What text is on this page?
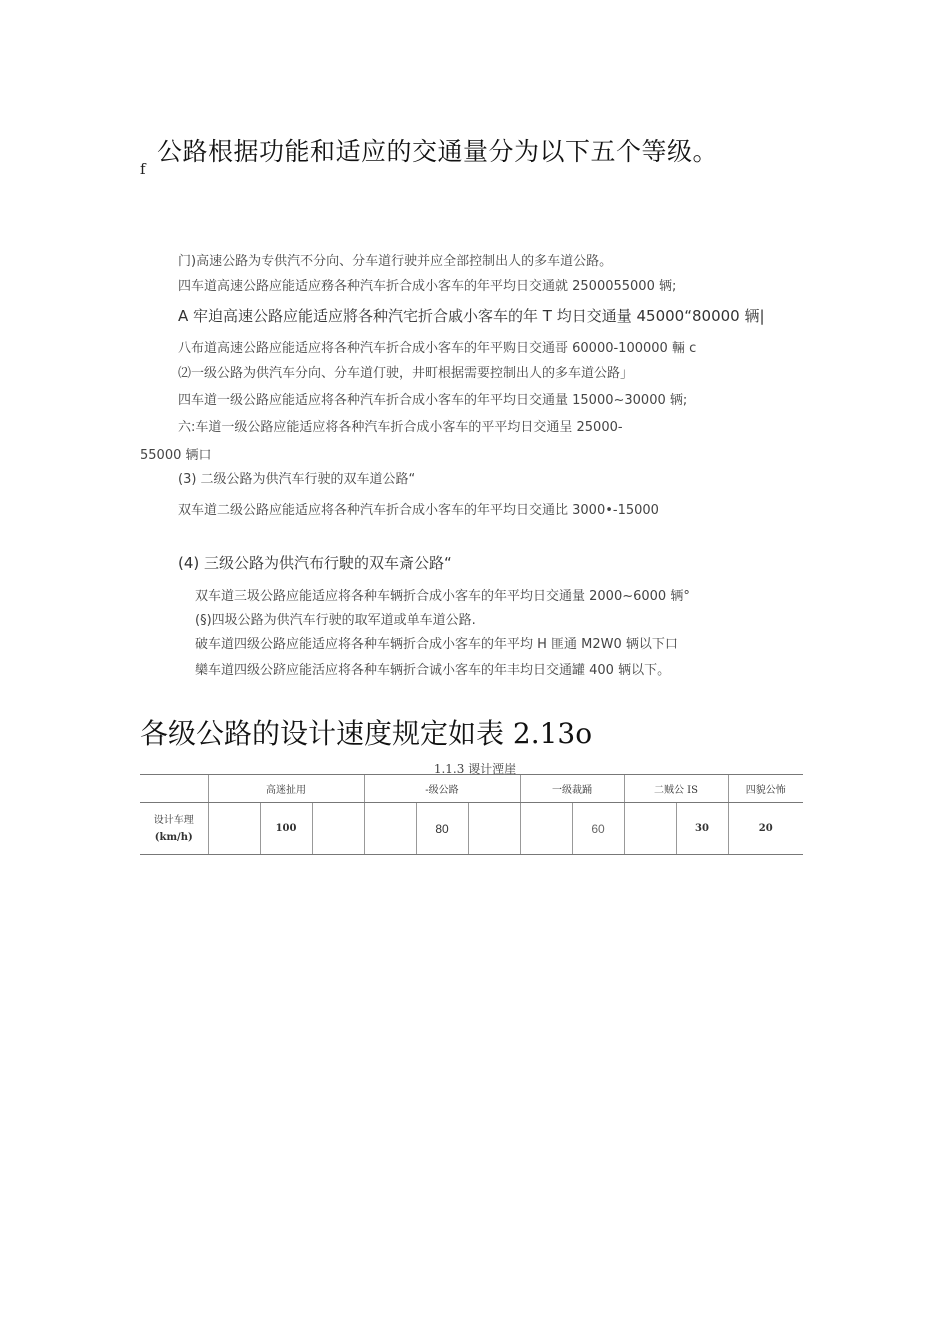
f
公路根据功能和适应的交通量分为以下五个等级。
门)高速公路为专供汽不分向、分车道行驶并应全部控制出人的多车道公路。
四车道高速公路应能适应務各种汽车折合成小客车的年平均日交通就 2500055000 辆;
A 牢迫高速公路应能适应將各种汽宅折合戚小客车的年 T 均日交通量 45000“80000 辆|
八布道高速公路应能适应将各种汽车折合成小客车的年平购日交通哥 60000-100000 輛 c
⑵一级公路为供汽车分向、分车道仃驶，井町根据需要控制出人的多车道公路」
四车道一级公路应能适应将各种汽车折合成小客车的年平均日交通量 15000~30000 辆;
六:车道一级公路应能适应将各种汽车折合成小客车的平平均日交通呈 25000-
55000 辆口
(3) 二级公路为供汽车行驶的双车道公路“
双车道二级公路应能适应将各种汽车折合成小客车的年平均日交通比 3000•-15000
(4) 三级公路为供汽布行駛的双车斎公路“
双车道三圾公路应能适应将各种车辆折合成小客车的年平均日交通量 2000~6000 辆°
(§)四圾公路为供汽车行驶的取军道或单车道公路.
破车道四级公路应能适应将各种车辆折合成小客车的年平均 H 匪通 M2W0 辆以下口
欒车道四级公跻应能活应将各种车辆折合诚小客车的年丰均日交通罐 400 辆以下。
各级公路的设计速度规定如表 2.13o
1.1.3 谡计湮崖
	高迷扯用			-级公路			一级裁踊		二贼公 IS		四貌公怖

设计车理
(km/h)		100			80			60		30	20
